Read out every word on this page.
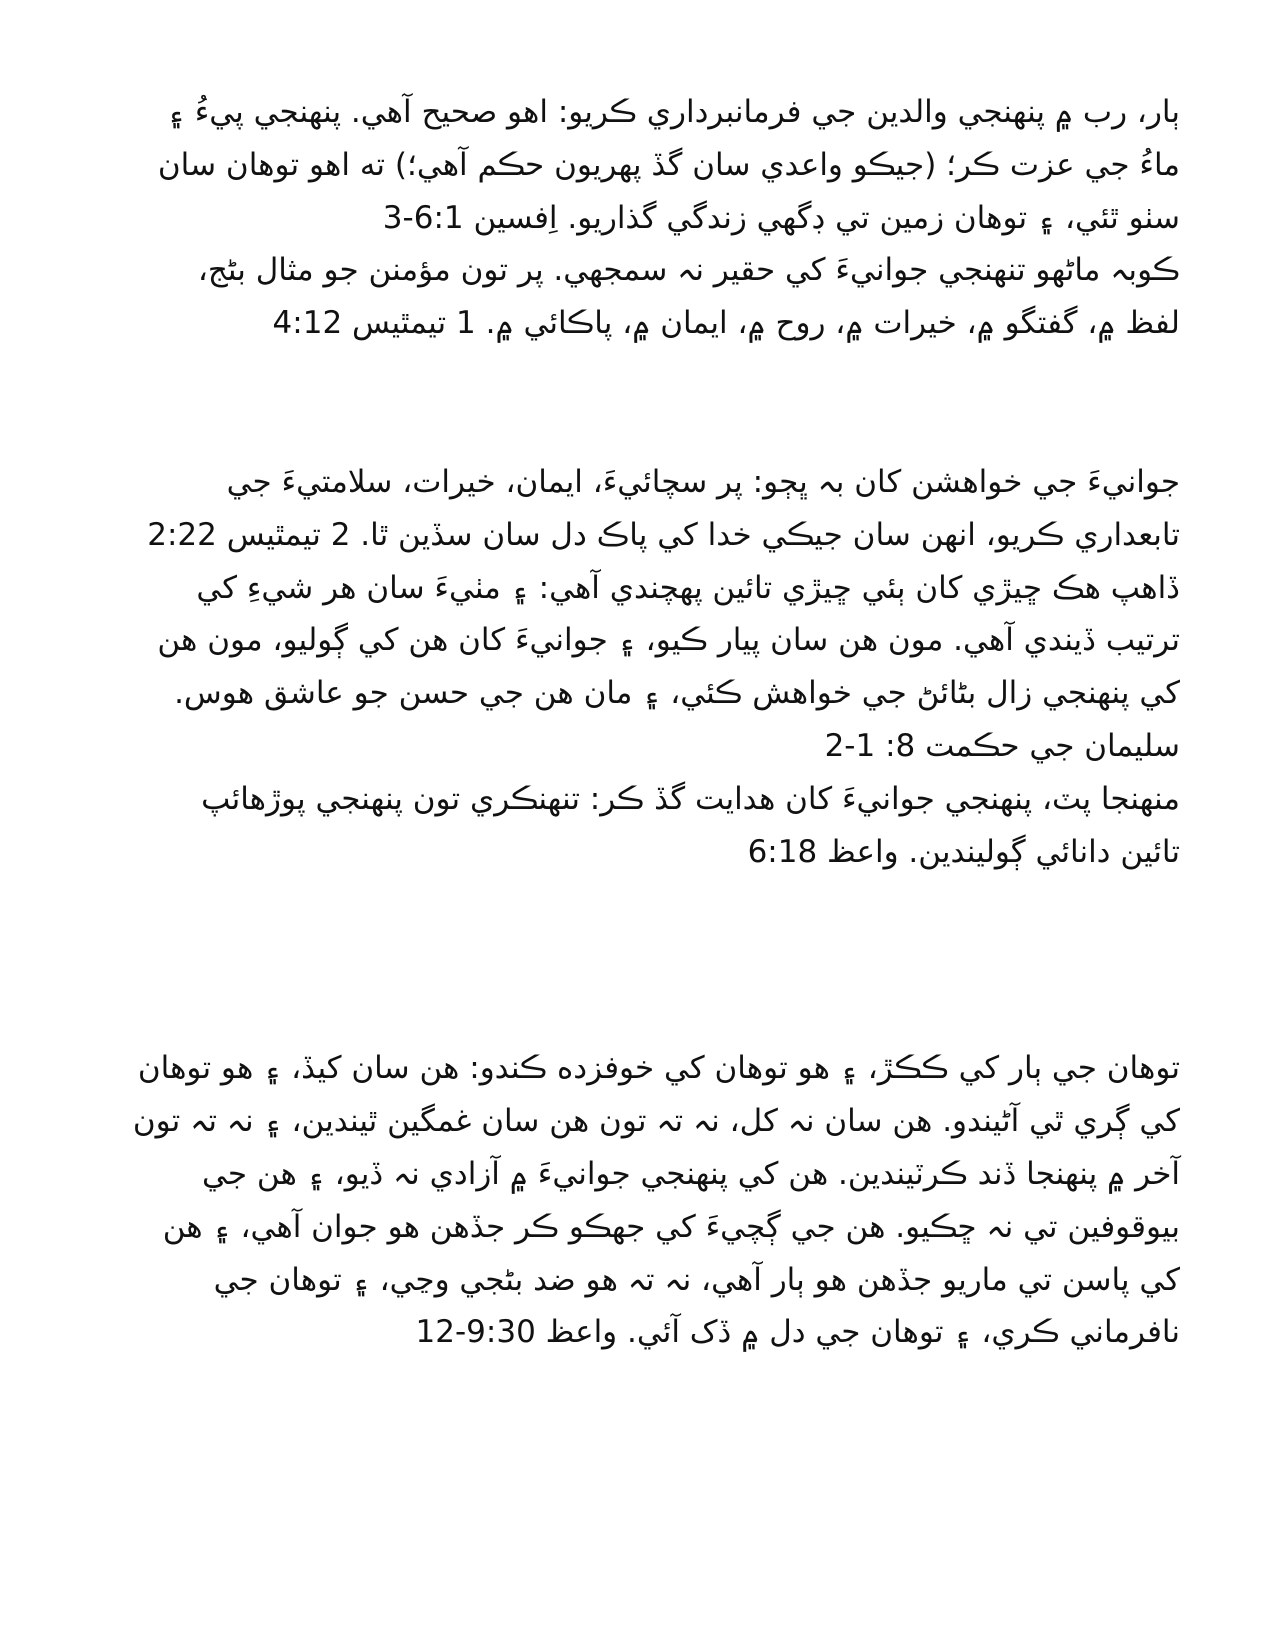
ٻار، رب ۾ پنهنجي والدين جي فرمانبرداري ڪريو: اهو صحيح آهي. پنهنجي پيءُ ۽
ماءُ جي عزت ڪر؛ (جيڪو واعدي سان گڏ پهريون حڪم آهي؛) ته اهو توهان سان
سٺو ٿئي، ۽ توهان زمين تي ڊگهي زندگي گذاريو. اِفسين 6:1-3
ڪوبہ ماڻهو تنهنجي جوانيءَ کي حقير نہ سمجهي. پر تون مؤمنن جو مثال بڻج،
لفظ ۾، گفتگو ۾، خيرات ۾، روح ۾، ايمان ۾، پاڪائي ۾. 1 تيمٿيس 4:12
جوانيءَ جي خواهشن کان بہ ڀڄو: پر سچائيءَ، ايمان، خيرات، سلامتيءَ جي
تابعداري ڪريو، انهن سان جيڪي خدا کي پاڪ دل سان سڏين ٿا. 2 تيمٿيس 2:22
ڏاهپ هڪ ڇيڙي کان ٻئي ڇيڙي تائين پهچندي آهي: ۽ مٺيءَ سان هر شيءِ کي
ترتيب ڏيندي آهي. مون هن سان پيار ڪيو، ۽ جوانيءَ کان هن کي ڳوليو، مون هن
کي پنهنجي زال بڻائڻ جي خواهش ڪئي، ۽ مان هن جي حسن جو عاشق هوس.
سليمان جي حڪمت 8: 1-2
منهنجا پٽ، پنهنجي جوانيءَ کان هدايت گڏ ڪر: تنهنڪري تون پنهنجي پوڙهائپ
تائين دانائي ڳوليندين. واعظ 6:18
توهان جي ٻار کي ڪڪڙ، ۽ هو توهان کي خوفزده ڪندو: هن سان کيڏ، ۽ هو توهان
کي ڳري ٿي آڻيندو. هن سان نہ کل، نہ تہ تون هن سان غمگين ٿيندين، ۽ نہ تہ تون
آخر ۾ پنهنجا ڏند ڪرٽيندين. هن کي پنهنجي جوانيءَ ۾ آزادي نہ ڏيو، ۽ هن جي
بيوقوفين تي نہ ڇڪيو. هن جي ڳچيءَ کي جهڪو ڪر جڏهن هو جوان آهي، ۽ هن
کي پاسن تي ماريو جڏهن هو ٻار آهي، نہ تہ هو ضد بڻجي وڃي، ۽ توهان جي
نافرماني ڪري، ۽ توهان جي دل ۾ ڏک آئي. واعظ 9:30-12
